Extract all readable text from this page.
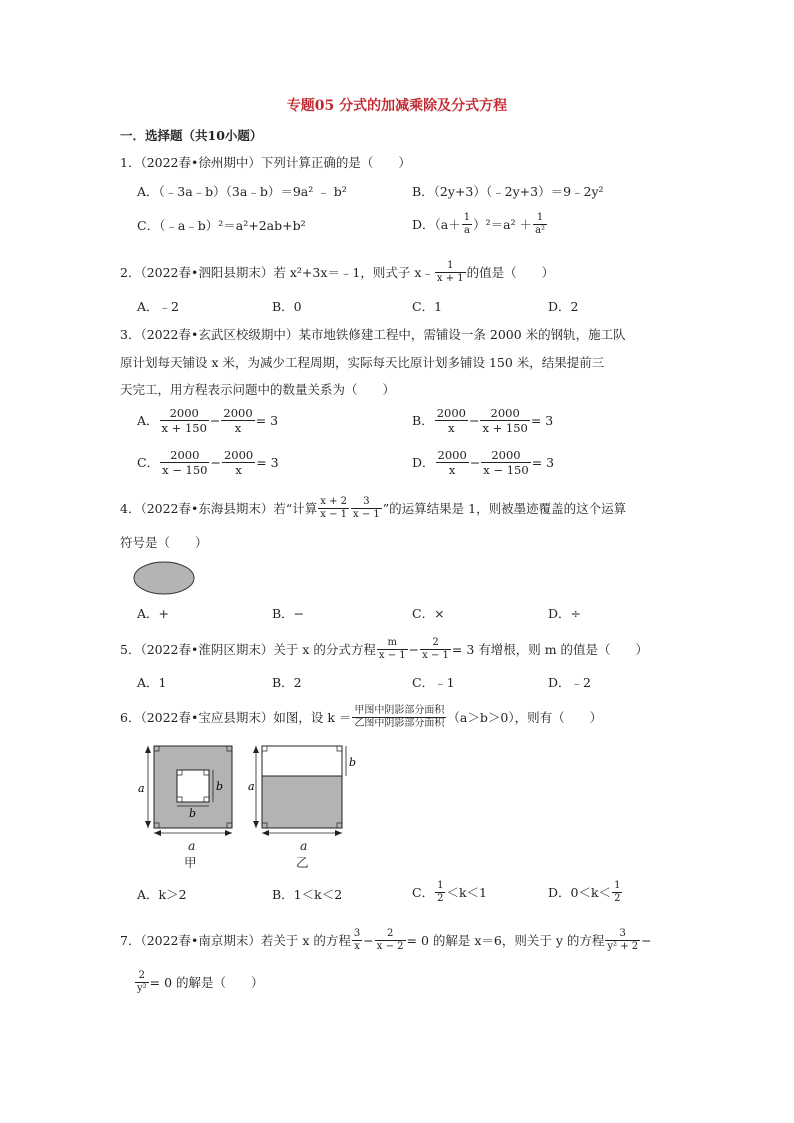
专题05 分式的加减乘除及分式方程
一．选择题（共10小题）
1．（2022春•徐州期中）下列计算正确的是（　　）
A．（﹣3a﹣b）（3a﹣b）＝9a² ﹣ b²	B．（2y+3）（﹣2y+3）＝9﹣2y²
C．（﹣a﹣b）²＝a²+2ab+b²	D．$(a+ \frac{1}{a} )^2=a^2 + \frac{1}{\text{a²}}$
2．（2022春•泗阳县期末）若 x²+3x＝﹣1，则式子 x﹣ $\frac{1}{x + 1}$ 的值是（　　）
A．﹣2	B．0	C．1	D．2
3．（2022春•玄武区校级期中）某市地铁修建工程中，需铺设一条 2000 米的钢轨，施工队
原计划每天铺设 x 米，为减少工程周期，实际每天比原计划多铺设 150 米，结果提前三
天完工，用方程表示问题中的数量关系为（　　）
A． $\frac{2000}{x + 150} - \frac{2000}{x} = 3$	B． $\frac{2000}{x} - \frac{2000}{x + 150} = 3$
C． $\frac{2000}{x - 150} - \frac{2000}{x} = 3$	D． $\frac{2000}{x} - \frac{2000}{x - 150} = 3$
4．（2022春•东海县期末）若“计算 $\frac{x + 2}{x - 1} \frac{3}{x - 1}$ ”的运算结果是 1，则被墨迹覆盖的这个运算
符号是（　　）
A．+	B．−	C．×	D．÷
5．（2022春•淮阴区期末）关于 x 的分式方程 $\frac{m}{x - 1} - \frac{2}{x - 1} = 3$ 有增根，则 m 的值是（　　）
A．1	B．2	C．﹣1	D．﹣2
6．（2022春•宝应县期末）如图，设 $k = \frac{\text{甲图中阴影部分面积}}{\text{乙图中阴影部分面积}} (a>b>0)$，则有（　　）
a	b
b
a
甲
a
b
a
乙
A．k＞2	B．1＜k＜2	C． $\frac{1}{2} <k<1$	D．$0<k< \frac{1}{2}$
7．（2022春•南京期末）若关于 x 的方程 $\frac{3}{x} - \frac{2}{x - 2} = 0$ 的解是 x＝6，则关于 y 的方程 $\frac{3}{\text{y² + 2}}$ −
$\frac{2}{\text{y²}} = 0$ 的解是（　　）
